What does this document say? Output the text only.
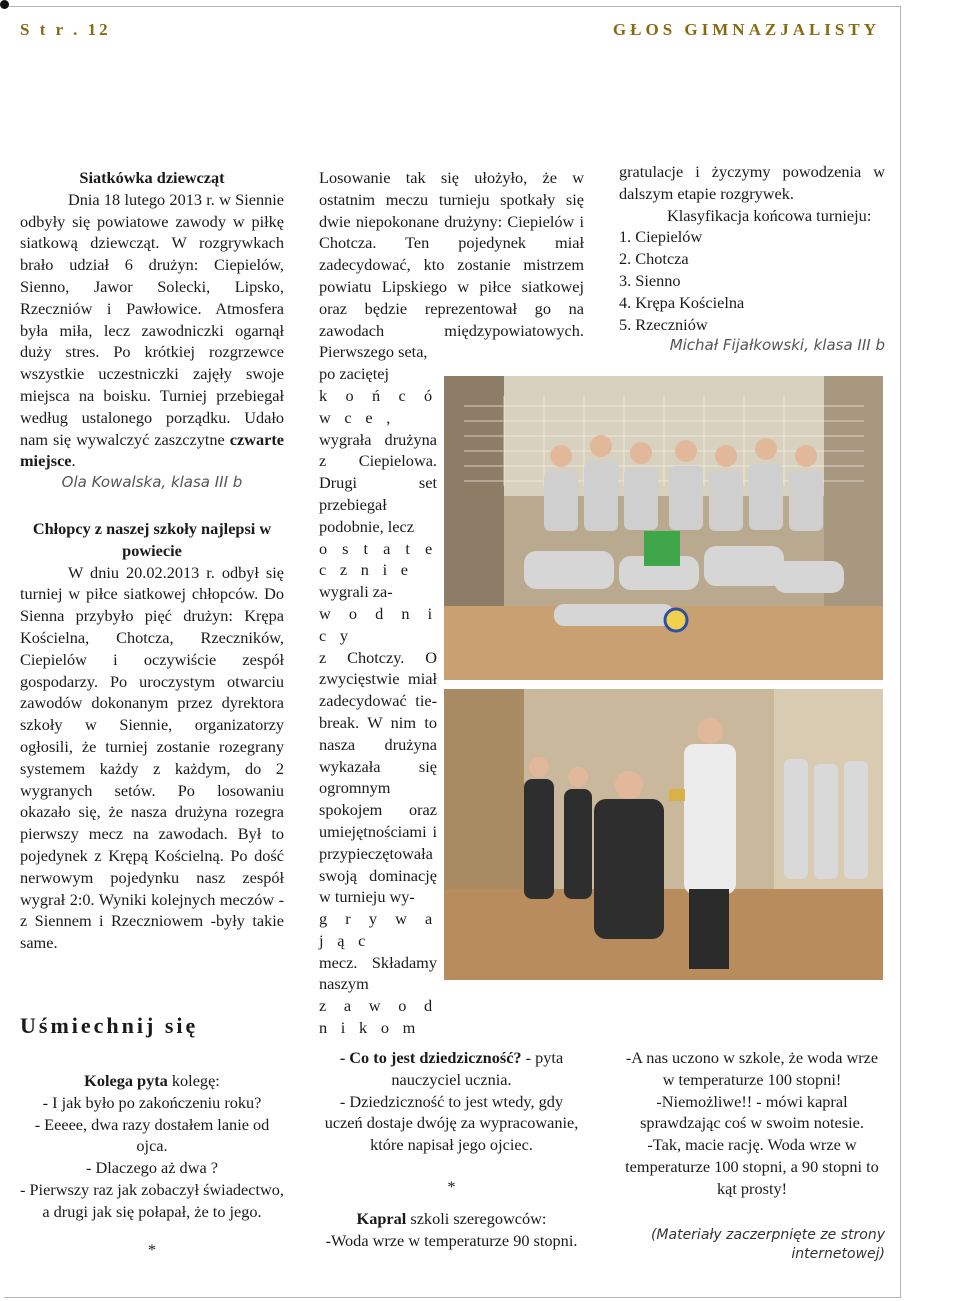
S t r . 12	GŁOS GIMNAZJALISTY

Siatkówka dziewcząt

Dnia 18 lutego 2013 r. w Siennie odbyły się powiatowe zawody w piłkę siatkową dziewcząt. W rozgrywkach brało udział 6 drużyn: Ciepielów, Sienno, Jawor Solecki, Lipsko, Rzeczniów i Pawłowice. Atmosfera była miła, lecz zawodniczki ogarnął duży stres. Po krótkiej rozgrzewce wszystkie uczestniczki zajęły swoje miejsca na boisku. Turniej przebiegał według ustalonego porządku. Udało nam się wywalczyć zaszczytne czwarte miejsce.

Ola Kowalska, klasa III b

Chłopcy z naszej szkoły najlepsi w powiecie

W dniu 20.02.2013 r. odbył się turniej w piłce siatkowej chłopców. Do Sienna przybyło pięć drużyn: Krępa Kościelna, Chotcza, Rzeczników, Ciepielów i oczywiście zespół gospodarzy. Po uroczystym otwarciu zawodów dokonanym przez dyrektora szkoły w Siennie, organizatorzy ogłosili, że turniej zostanie rozegrany systemem każdy z każdym, do 2 wygranych setów. Po losowaniu okazało się, że nasza drużyna rozegra pierwszy mecz na zawodach. Był to pojedynek z Krępą Kościelną. Po dość nerwowym pojedynku nasz zespół wygrał 2:0. Wyniki kolejnych meczów - z Siennem i Rzeczniowem -były takie same.

Losowanie tak się ułożyło, że w ostatnim meczu turnieju spotkały się dwie niepokonane drużyny: Ciepielów i Chotcza. Ten pojedynek miał zadecydować, kto zostanie mistrzem powiatu Lipskiego w piłce siatkowej oraz będzie reprezentował go na zawodach międzypowiatowych. Pierwszego seta,

po zaciętej

k o ń c ó w c e ,

wygrała drużyna z Ciepielowa. Drugi set przebiegał podobnie, lecz

o s t a t e c z n i e

wygrali za-

w o d n i c y

z Chotczy. O zwycięstwie miał zadecydować tie-break. W nim to nasza drużyna wykazała się ogromnym spokojem oraz umiejętnościami i przypieczętowała swoją dominację w turnieju wy-

g r y w a j ą c

mecz. Składamy naszym

z a w o d n i k o m

gratulacje i życzymy powodzenia w dalszym etapie rozgrywek.

Klasyfikacja końcowa turnieju:

1. Ciepielów

2. Chotcza

3. Sienno

4. Krępa Kościelna

5. Rzeczniów

Michał Fijałkowski, klasa III b

Uśmiechnij się

Kolega pyta kolegę:

- I jak było po zakończeniu roku?

- Eeeee, dwa razy dostałem lanie od ojca.

- Dlaczego aż dwa ?

- Pierwszy raz jak zobaczył świadectwo, a drugi jak się połapał, że to jego.

*

- Co to jest dziedziczność? - pyta nauczyciel ucznia.

- Dziedziczność to jest wtedy, gdy uczeń dostaje dwóję za wypracowanie, które napisał jego ojciec.

*

Kapral szkoli szeregowców:

-Woda wrze w temperaturze 90 stopni.

-A nas uczono w szkole, że woda wrze w temperaturze 100 stopni!

-Niemożliwe!! - mówi kapral sprawdzając coś w swoim notesie.

-Tak, macie rację. Woda wrze w temperaturze 100 stopni, a 90 stopni to kąt prosty!

(Materiały zaczerpnięte ze strony internetowej)
